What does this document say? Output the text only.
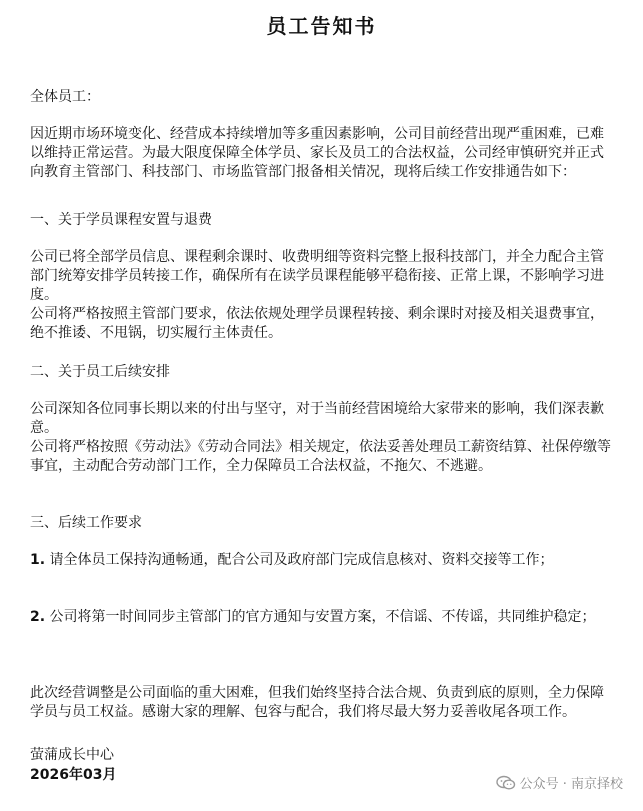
员工告知书
全体员工：
因近期市场环境变化、经营成本持续增加等多重因素影响，公司目前经营出现严重困难，已难以维持正常运营。为最大限度保障全体学员、家长及员工的合法权益，公司经审慎研究并正式向教育主管部门、科技部门、市场监管部门报备相关情况，现将后续工作安排通告如下：
一、关于学员课程安置与退费
公司已将全部学员信息、课程剩余课时、收费明细等资料完整上报科技部门，并全力配合主管部门统筹安排学员转接工作，确保所有在读学员课程能够平稳衔接、正常上课，不影响学习进度。
公司将严格按照主管部门要求，依法依规处理学员课程转接、剩余课时对接及相关退费事宜，绝不推诿、不甩锅，切实履行主体责任。
二、关于员工后续安排
公司深知各位同事长期以来的付出与坚守，对于当前经营困境给大家带来的影响，我们深表歉意。
公司将严格按照《劳动法》《劳动合同法》相关规定，依法妥善处理员工薪资结算、社保停缴等事宜，主动配合劳动部门工作，全力保障员工合法权益，不拖欠、不逃避。
三、后续工作要求
1. 请全体员工保持沟通畅通，配合公司及政府部门完成信息核对、资料交接等工作；
2. 公司将第一时间同步主管部门的官方通知与安置方案，不信谣、不传谣，共同维护稳定；
此次经营调整是公司面临的重大困难，但我们始终坚持合法合规、负责到底的原则，全力保障学员与员工权益。感谢大家的理解、包容与配合，我们将尽最大努力妥善收尾各项工作。
萤蒲成长中心
2026年03月
公众号 · 南京择校
